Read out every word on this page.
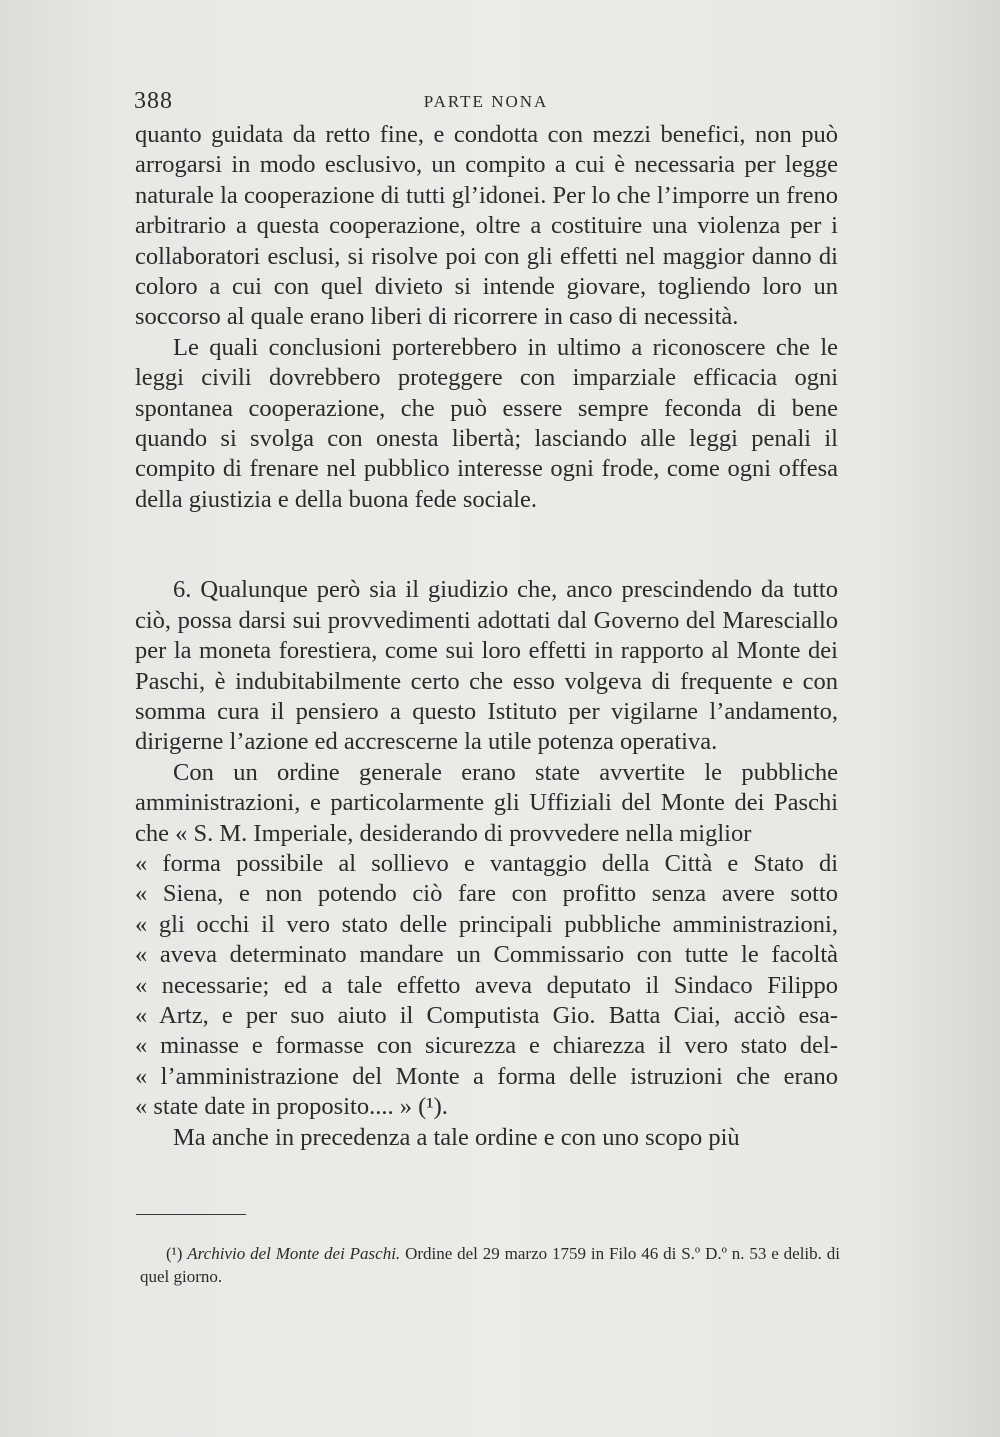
388	PARTE NONA

quanto guidata da retto fine, e condotta con mezzi benefici, non può arrogarsi in modo esclusivo, un compito a cui è necessaria per legge naturale la cooperazione di tutti gl’idonei. Per lo che l’imporre un freno arbitrario a questa cooperazione, oltre a costituire una violenza per i collaboratori esclusi, si risolve poi con gli effetti nel maggior danno di coloro a cui con quel divieto si intende giovare, togliendo loro un soccorso al quale erano liberi di ricorrere in caso di necessità.

Le quali conclusioni porterebbero in ultimo a riconoscere che le leggi civili dovrebbero proteggere con imparziale efficacia ogni spontanea cooperazione, che può essere sempre feconda di bene quando si svolga con onesta libertà; lasciando alle leggi penali il compito di frenare nel pubblico interesse ogni frode, come ogni offesa della giustizia e della buona fede sociale.

6. Qualunque però sia il giudizio che, anco prescindendo da tutto ciò, possa darsi sui provvedimenti adottati dal Governo del Maresciallo per la moneta forestiera, come sui loro effetti in rapporto al Monte dei Paschi, è indubitabilmente certo che esso volgeva di frequente e con somma cura il pensiero a questo Istituto per vigilarne l’andamento, dirigerne l’azione ed accrescerne la utile potenza operativa.

Con un ordine generale erano state avvertite le pubbliche amministrazioni, e particolarmente gli Uffiziali del Monte dei Paschi che « S. M. Imperiale, desiderando di provvedere nella miglior

« forma possibile al sollievo e vantaggio della Città e Stato di
« Siena, e non potendo ciò fare con profitto senza avere sotto
« gli occhi il vero stato delle principali pubbliche amministrazioni,
« aveva determinato mandare un Commissario con tutte le facoltà
« necessarie; ed a tale effetto aveva deputato il Sindaco Filippo
« Artz, e per suo aiuto il Computista Gio. Batta Ciai, acciò esa-
« minasse e formasse con sicurezza e chiarezza il vero stato del-
« l’amministrazione del Monte a forma delle istruzioni che erano
« state date in proposito.... » (¹).

Ma anche in precedenza a tale ordine e con uno scopo più

(¹) Archivio del Monte dei Paschi. Ordine del 29 marzo 1759 in Filo 46 di S.º D.º n. 53 e delib. di quel giorno.
